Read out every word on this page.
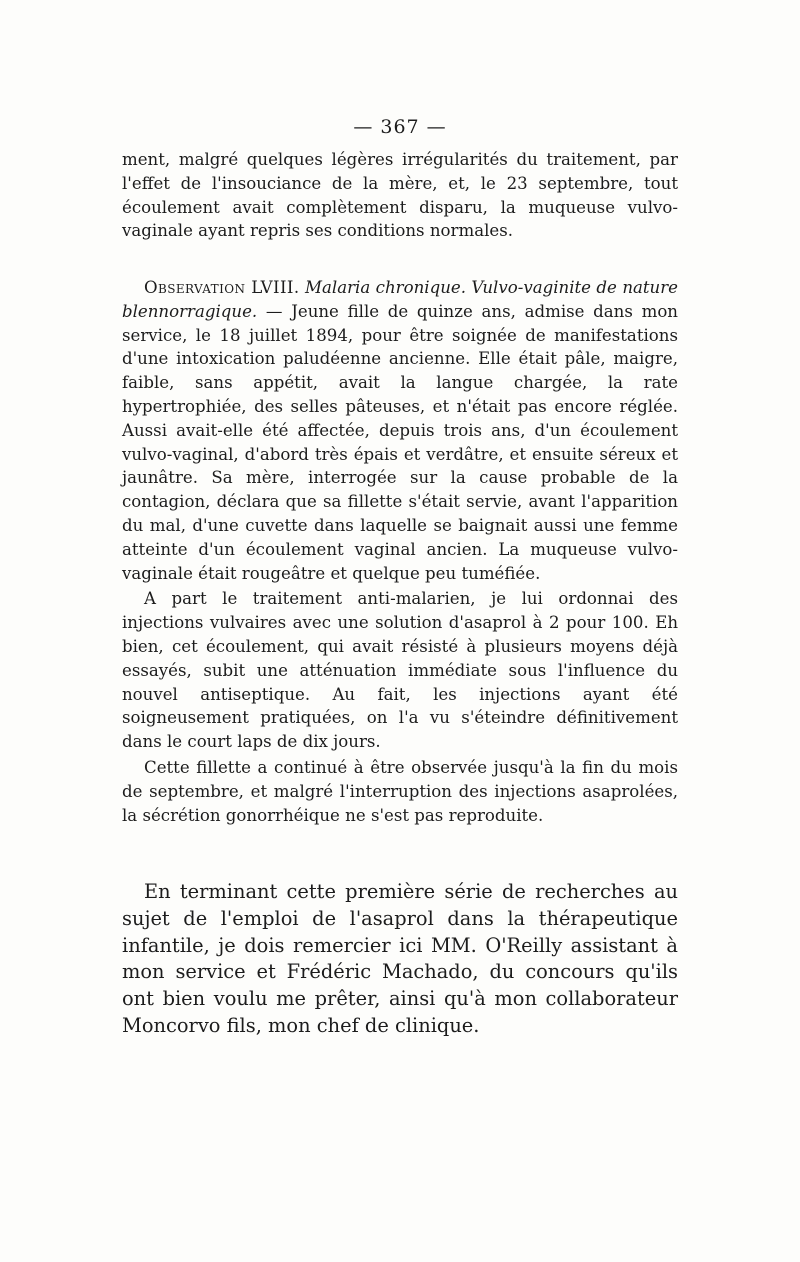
— 367 —

ment, malgré quelques légères irrégularités du traitement, par l'effet de l'insouciance de la mère, et, le 23 septembre, tout écoulement avait complètement disparu, la muqueuse vulvo-vaginale ayant repris ses conditions normales.

Observation LVIII. Malaria chronique. Vulvo-vaginite de nature blennorragique. — Jeune fille de quinze ans, admise dans mon service, le 18 juillet 1894, pour être soignée de manifestations d'une intoxication paludéenne ancienne. Elle était pâle, maigre, faible, sans appétit, avait la langue chargée, la rate hypertrophiée, des selles pâteuses, et n'était pas encore réglée. Aussi avait-elle été affectée, depuis trois ans, d'un écoulement vulvo-vaginal, d'abord très épais et verdâtre, et ensuite séreux et jaunâtre. Sa mère, interrogée sur la cause probable de la contagion, déclara que sa fillette s'était servie, avant l'apparition du mal, d'une cuvette dans laquelle se baignait aussi une femme atteinte d'un écoulement vaginal ancien. La muqueuse vulvo-vaginale était rougeâtre et quelque peu tuméfiée.

A part le traitement anti-malarien, je lui ordonnai des injections vulvaires avec une solution d'asaprol à 2 pour 100. Eh bien, cet écoulement, qui avait résisté à plusieurs moyens déjà essayés, subit une atténuation immédiate sous l'influence du nouvel antiseptique. Au fait, les injections ayant été soigneusement pratiquées, on l'a vu s'éteindre définitivement dans le court laps de dix jours.

Cette fillette a continué à être observée jusqu'à la fin du mois de septembre, et malgré l'interruption des injections asaprolées, la sécrétion gonorrhéique ne s'est pas reproduite.

En terminant cette première série de recherches au sujet de l'emploi de l'asaprol dans la thérapeutique infantile, je dois remercier ici MM. O'Reilly assistant à mon service et Frédéric Machado, du concours qu'ils ont bien voulu me prêter, ainsi qu'à mon collaborateur Moncorvo fils, mon chef de clinique.
